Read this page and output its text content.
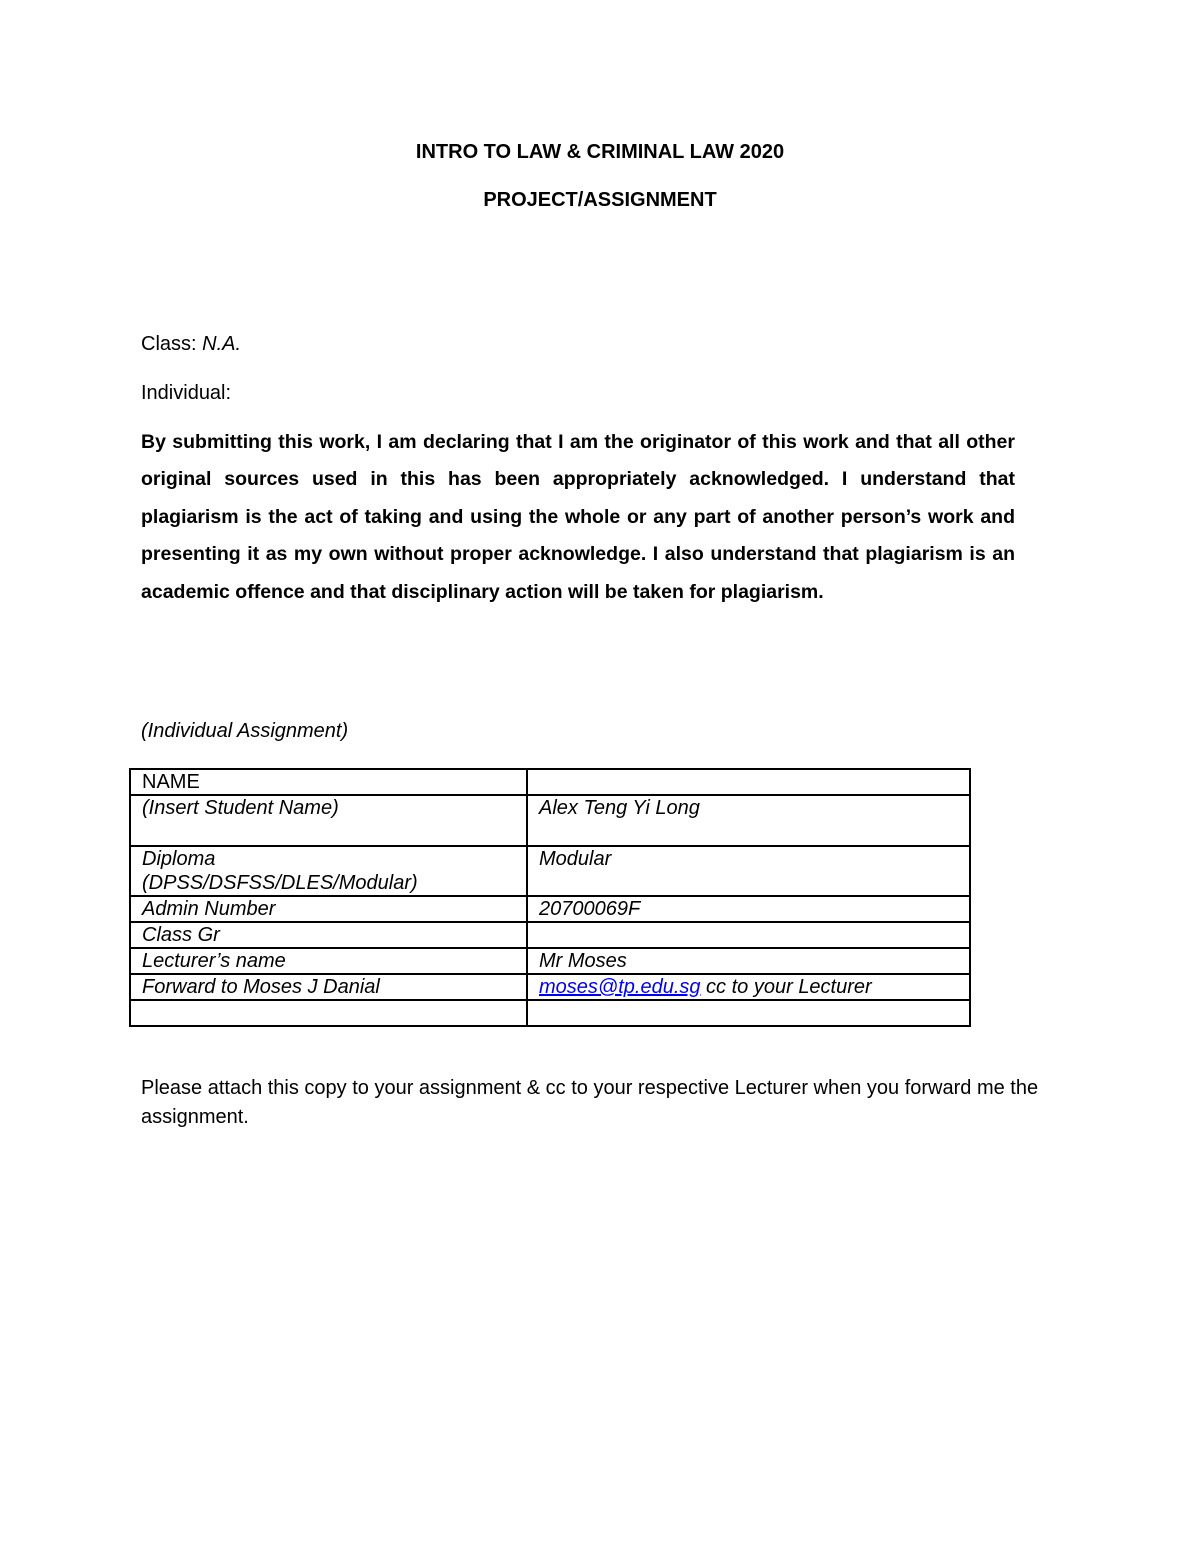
INTRO TO LAW & CRIMINAL LAW 2020

PROJECT/ASSIGNMENT

Class: N.A.

Individual:

By submitting this work, I am declaring that I am the originator of this work and that all other original sources used in this has been appropriately acknowledged. I understand that plagiarism is the act of taking and using the whole or any part of another person’s work and presenting it as my own without proper acknowledge. I also understand that plagiarism is an academic offence and that disciplinary action will be taken for plagiarism.

(Individual Assignment)

NAME	
(Insert Student Name)	Alex Teng Yi Long
Diploma
(DPSS/DSFSS/DLES/Modular)	Modular
Admin Number	20700069F
Class Gr	
Lecturer’s name	Mr Moses
Forward to Moses J Danial	moses@tp.edu.sg cc to your Lecturer

Please attach this copy to your assignment & cc to your respective Lecturer when you forward me the assignment.
